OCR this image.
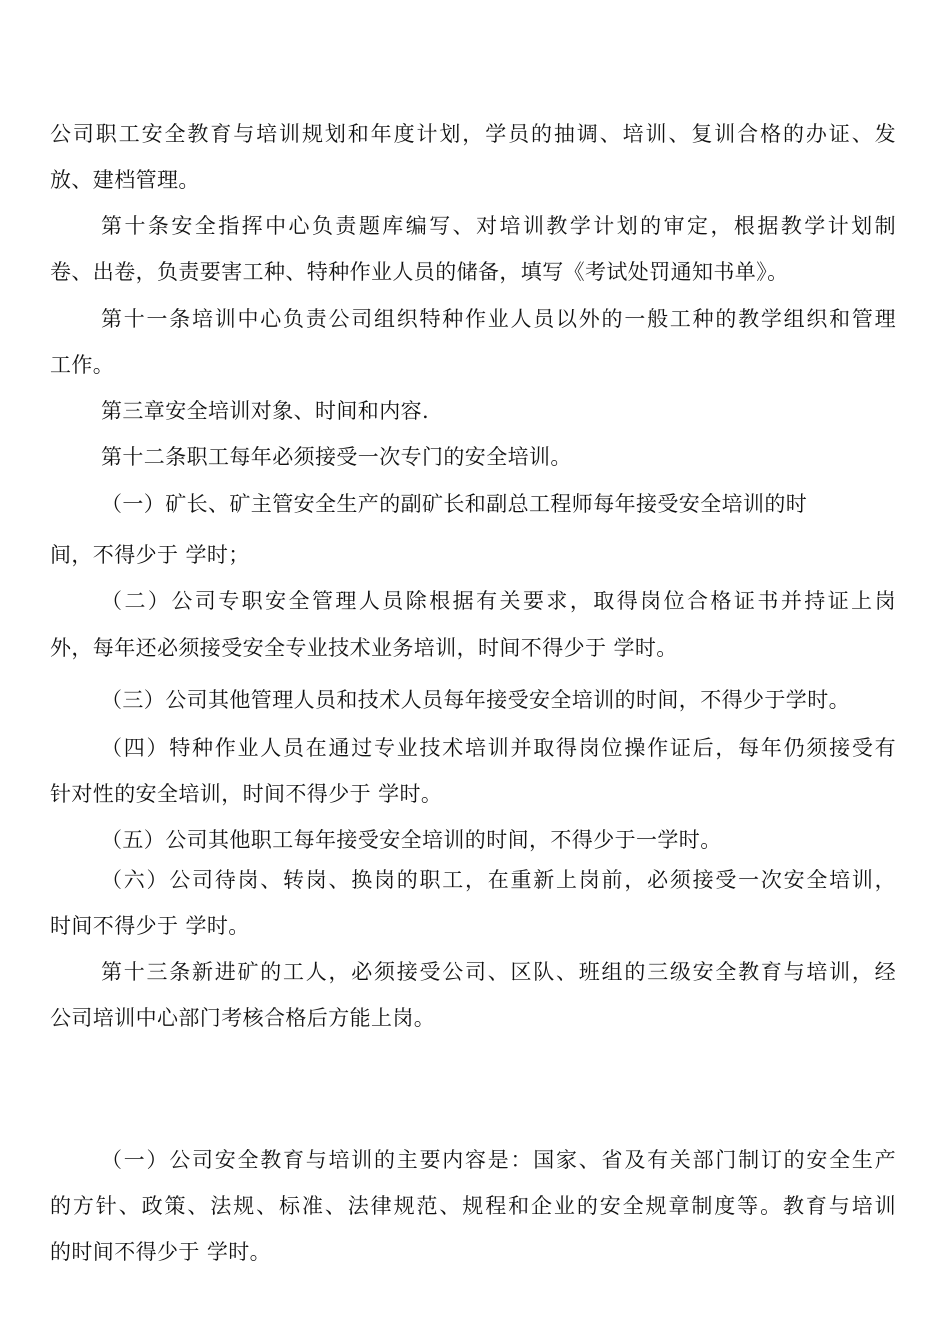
公司职工安全教育与培训规划和年度计划，学员的抽调、培训、复训合格的办证、发
放、建档管理。
第十条安全指挥中心负责题库编写、对培训教学计划的审定，根据教学计划制
卷、出卷，负责要害工种、特种作业人员的储备，填写《考试处罚通知书单》。
第十一条培训中心负责公司组织特种作业人员以外的一般工种的教学组织和管理
工作。
第三章安全培训对象、时间和内容.
第十二条职工每年必须接受一次专门的安全培训。
（一）矿长、矿主管安全生产的副矿长和副总工程师每年接受安全培训的时
间，不得少于 学时；
（二）公司专职安全管理人员除根据有关要求，取得岗位合格证书并持证上岗
外，每年还必须接受安全专业技术业务培训，时间不得少于 学时。
（三）公司其他管理人员和技术人员每年接受安全培训的时间，不得少于学时。
（四）特种作业人员在通过专业技术培训并取得岗位操作证后，每年仍须接受有
针对性的安全培训，时间不得少于 学时。
（五）公司其他职工每年接受安全培训的时间，不得少于一学时。
（六）公司待岗、转岗、换岗的职工，在重新上岗前，必须接受一次安全培训，
时间不得少于 学时。
第十三条新进矿的工人，必须接受公司、区队、班组的三级安全教育与培训，经
公司培训中心部门考核合格后方能上岗。
（一）公司安全教育与培训的主要内容是：国家、省及有关部门制订的安全生产
的方针、政策、法规、标准、法律规范、规程和企业的安全规章制度等。教育与培训
的时间不得少于 学时。
